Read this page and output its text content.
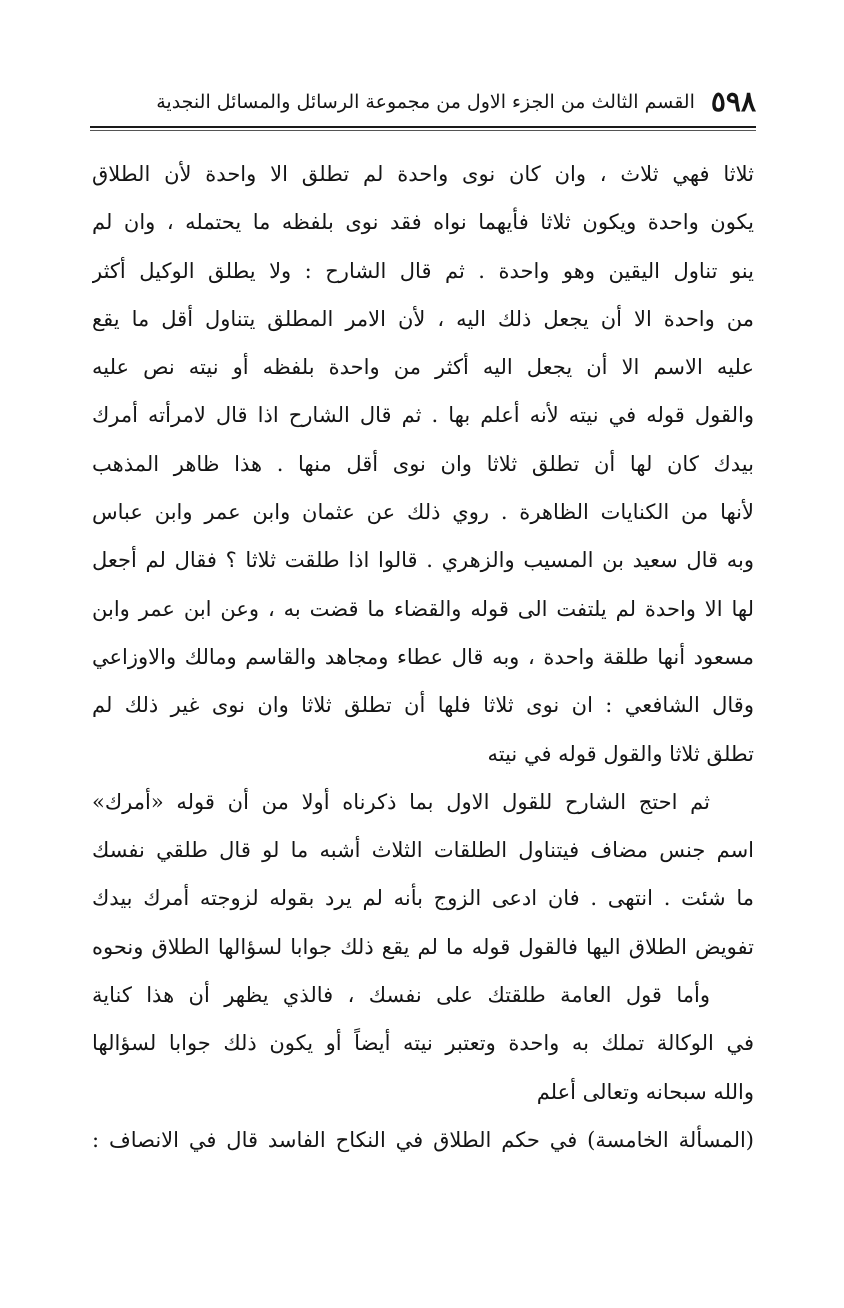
٥٩٨
القسم الثالث من الجزء الاول من مجموعة الرسائل والمسائل النجدية
ثلاثا فهي ثلاث ، وان كان نوى واحدة لم تطلق الا واحدة لأن الطلاق
يكون واحدة ويكون ثلاثا فأيهما نواه فقد نوى بلفظه ما يحتمله ، وان لم
ينو تناول اليقين وهو واحدة . ثم قال الشارح : ولا يطلق الوكيل أكثر
من واحدة الا أن يجعل ذلك اليه ، لأن الامر المطلق يتناول أقل ما يقع
عليه الاسم الا أن يجعل اليه أكثر من واحدة بلفظه أو نيته نص عليه
والقول قوله في نيته لأنه أعلم بها . ثم قال الشارح اذا قال لامرأته أمرك
بيدك كان لها أن تطلق ثلاثا وان نوى أقل منها . هذا ظاهر المذهب
لأنها من الكنايات الظاهرة . روي ذلك عن عثمان وابن عمر وابن عباس
وبه قال سعيد بن المسيب والزهري . قالوا اذا طلقت ثلاثا ؟ فقال لم أجعل
لها الا واحدة لم يلتفت الى قوله والقضاء ما قضت به ، وعن ابن عمر وابن
مسعود أنها طلقة واحدة ، وبه قال عطاء ومجاهد والقاسم ومالك والاوزاعي
وقال الشافعي : ان نوى ثلاثا فلها أن تطلق ثلاثا وان نوى غير ذلك لم
تطلق ثلاثا والقول قوله في نيته
ثم احتج الشارح للقول الاول بما ذكرناه أولا من أن قوله «أمرك»
اسم جنس مضاف فيتناول الطلقات الثلاث أشبه ما لو قال طلقي نفسك
ما شئت . انتهى . فان ادعى الزوج بأنه لم يرد بقوله لزوجته أمرك بيدك
تفويض الطلاق اليها فالقول قوله ما لم يقع ذلك جوابا لسؤالها الطلاق ونحوه
وأما قول العامة طلقتك على نفسك ، فالذي يظهر أن هذا كناية
في الوكالة تملك به واحدة وتعتبر نيته أيضاً أو يكون ذلك جوابا لسؤالها
والله سبحانه وتعالى أعلم
(المسألة الخامسة) في حكم الطلاق في النكاح الفاسد قال في الانصاف :
